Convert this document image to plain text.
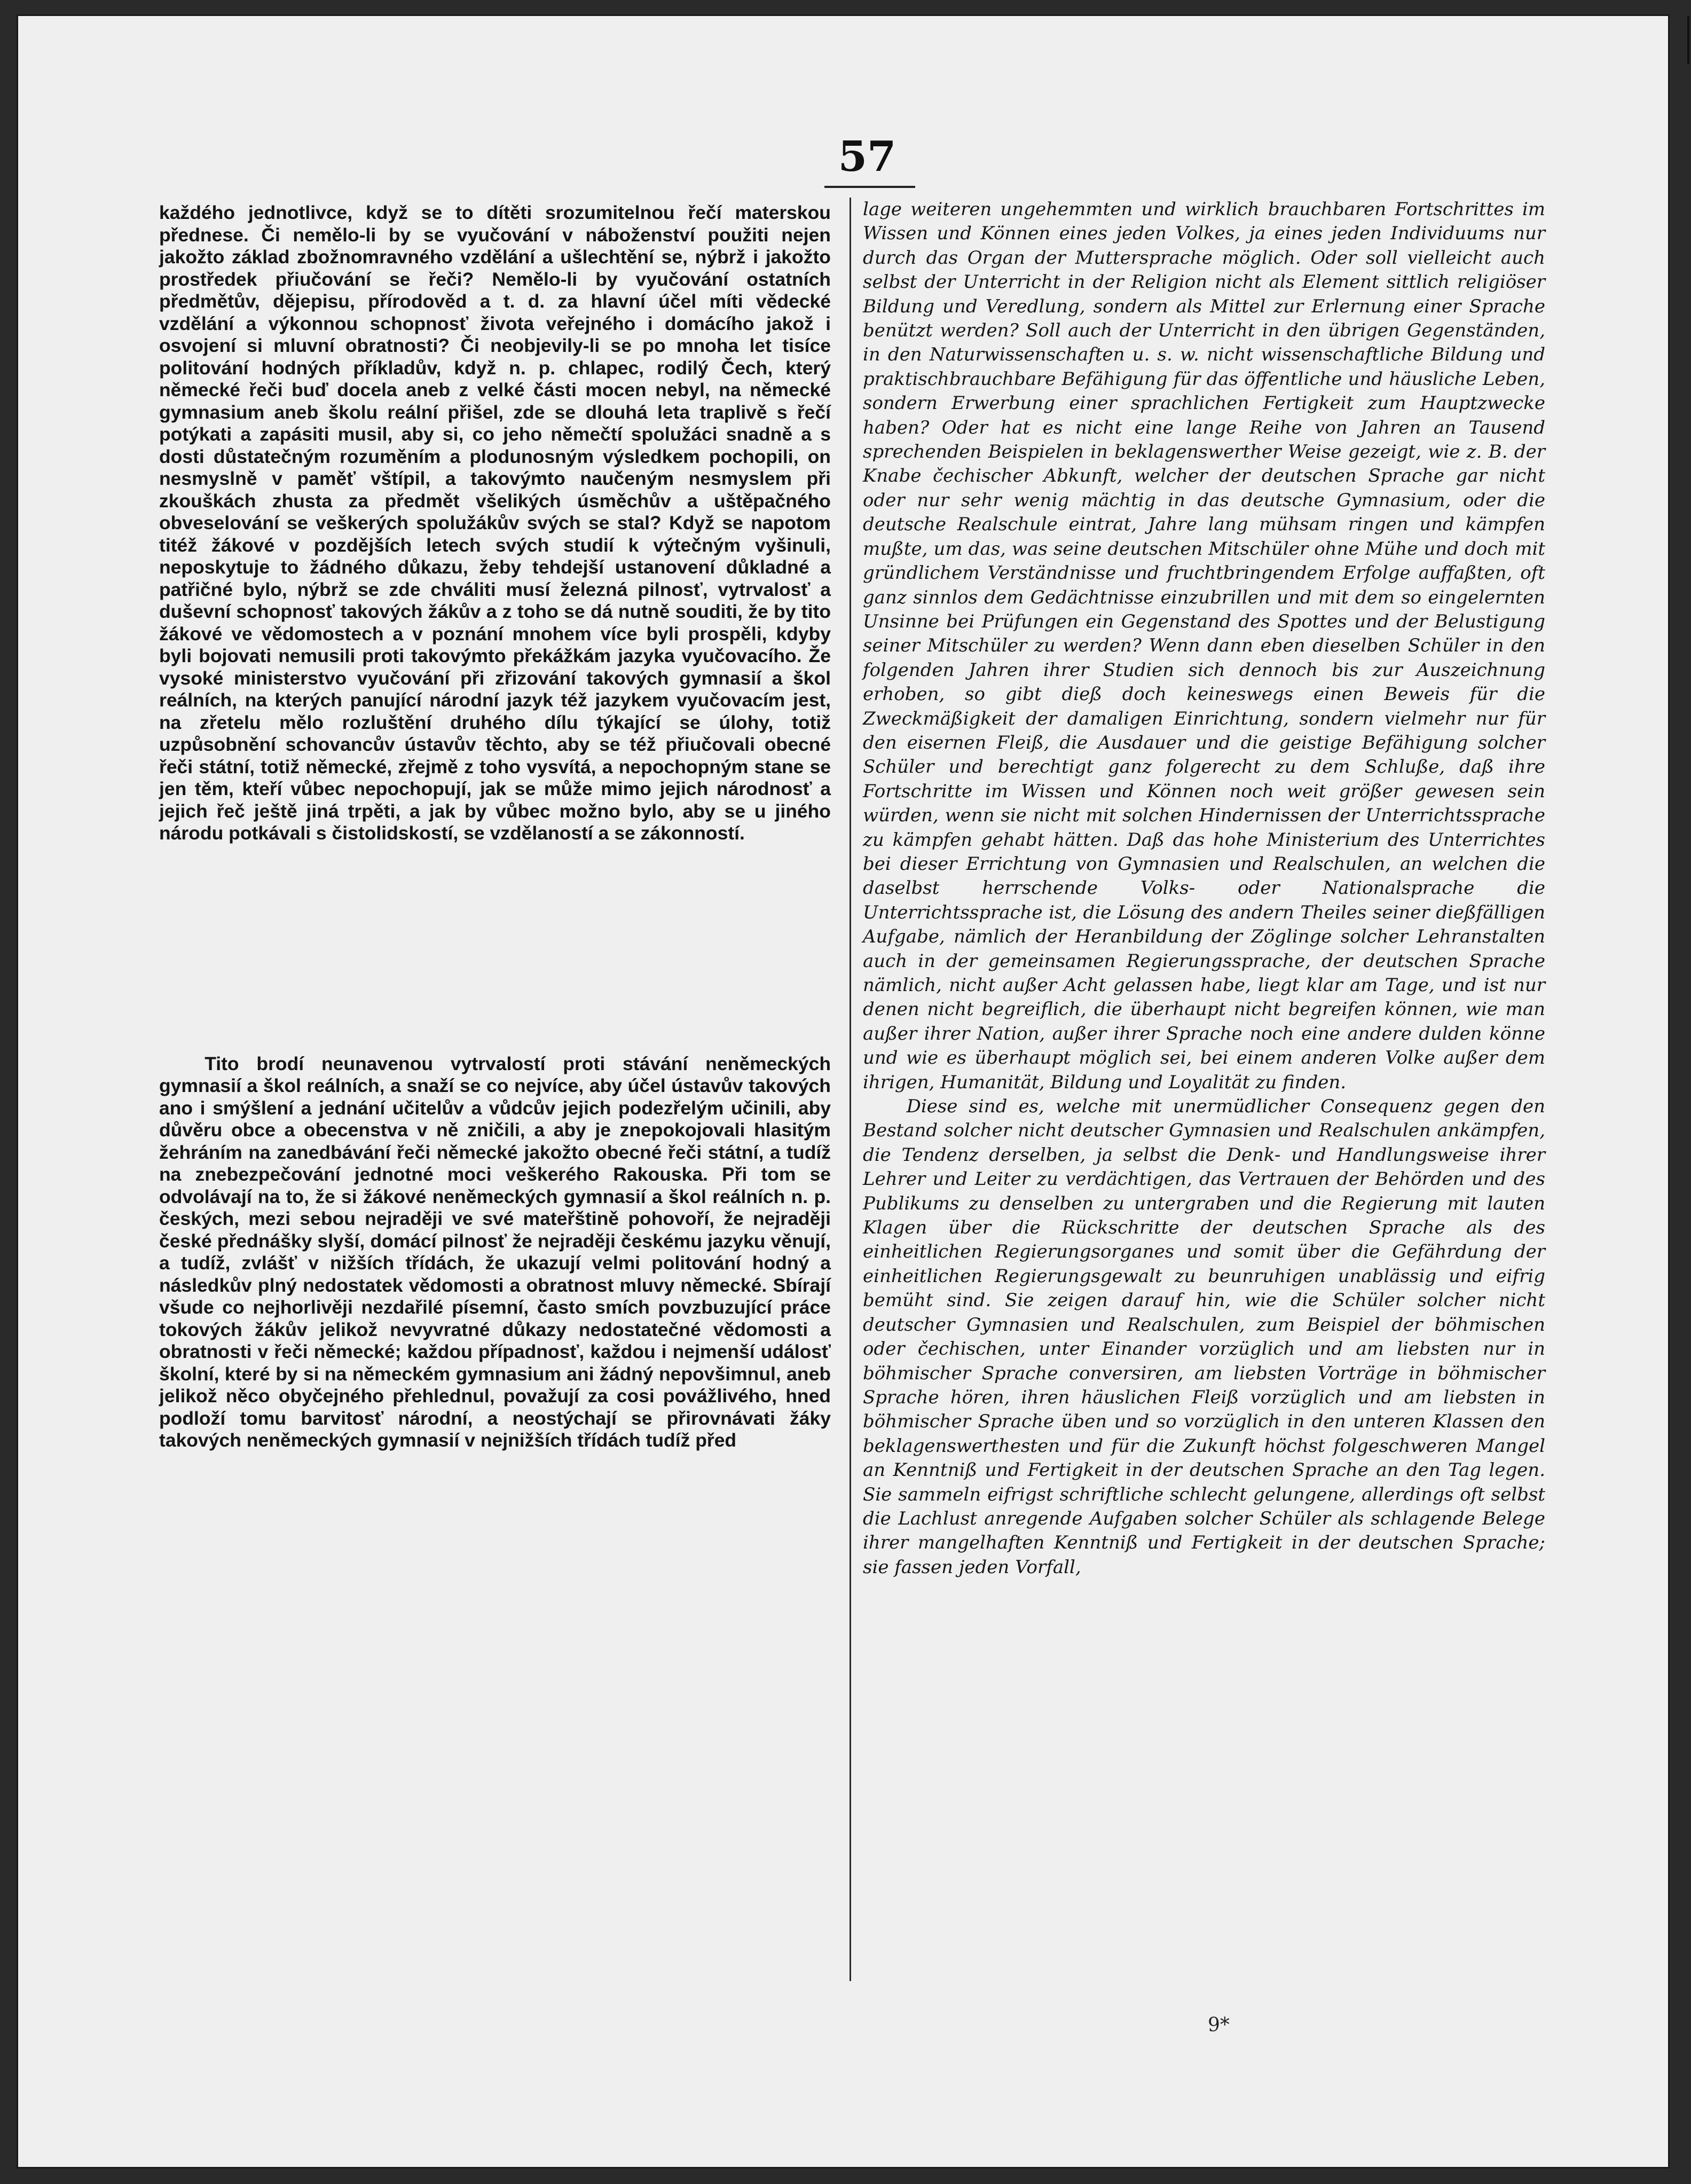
57

každého jednotlivce, když se to dítěti srozumitelnou řečí materskou přednese. Či nemělo-li by se vyučování v náboženství použiti nejen jakožto základ zbožnomravného vzdělání a ušlechtění se, nýbrž i jakožto prostředek přiučování se řeči? Nemělo-li by vyučování ostatních předmětův, dějepisu, přírodověd a t. d. za hlavní účel míti vědecké vzdělání a výkonnou schopnosť života veřejného i domácího jakož i osvojení si mluvní obratnosti? Či neobjevily-li se po mnoha let tisíce politování hodných příkladův, když n. p. chlapec, rodilý Čech, který německé řeči buď docela aneb z velké části mocen nebyl, na německé gymnasium aneb školu reální přišel, zde se dlouhá leta traplivě s řečí potýkati a zapásiti musil, aby si, co jeho němečtí spolužáci snadně a s dosti důstatečným rozuměním a plodunosným výsledkem pochopili, on nesmyslně v paměť vštípil, a takovýmto naučeným nesmyslem při zkouškách zhusta za předmět všelikých úsměchův a uštěpačného obveselování se veškerých spolužákův svých se stal? Když se napotom titéž žákové v pozdějších letech svých studií k výtečným vyšinuli, neposkytuje to žádného důkazu, žeby tehdejší ustanovení důkladné a patřičné bylo, nýbrž se zde chváliti musí železná pilnosť, vytrvalosť a duševní schopnosť takových žákův a z toho se dá nutně souditi, že by tito žákové ve vědomostech a v poznání mnohem více byli prospěli, kdyby byli bojovati nemusili proti takovýmto překážkám jazyka vyučovacího. Že vysoké ministerstvo vyučování při zřizování takových gymnasií a škol reálních, na kterých panující národní jazyk též jazykem vyučovacím jest, na zřetelu mělo rozluštění druhého dílu týkající se úlohy, totiž uzpůsobnění schovancův ústavův těchto, aby se též přiučovali obecné řeči státní, totiž německé, zřejmě z toho vysvítá, a nepochopným stane se jen těm, kteří vůbec nepochopují, jak se může mimo jejich národnosť a jejich řeč ještě jiná trpěti, a jak by vůbec možno bylo, aby se u jiného národu potkávali s čistolidskostí, se vzdělaností a se zákonností.

Tito brodí neunavenou vytrvalostí proti stávání neněmeckých gymnasií a škol reálních, a snaží se co nejvíce, aby účel ústavův takových ano i smýšlení a jednání učitelův a vůdcův jejich podezřelým učinili, aby důvěru obce a obecenstva v ně zničili, a aby je znepokojovali hlasitým žehráním na zanedbávání řeči německé jakožto obecné řeči státní, a tudíž na znebezpečování jednotné moci veškerého Rakouska. Při tom se odvolávají na to, že si žákové neněmeckých gymnasií a škol reálních n. p. českých, mezi sebou nejraději ve své mateřštině pohovoří, že nejraději české přednášky slyší, domácí pilnosť že nejraději českému jazyku věnují, a tudíž, zvlášť v nižších třídách, že ukazují velmi politování hodný a následkův plný nedostatek vědomosti a obratnost mluvy německé. Sbírají všude co nejhorlivěji nezdařilé písemní, často smích povzbuzující práce tokových žákův jelikož nevyvratné důkazy nedostatečné vědomosti a obratnosti v řeči německé; každou případnosť, každou i nejmenší událosť školní, které by si na německém gymnasium ani žádný nepovšimnul, aneb jelikož něco obyčejného přehlednul, považují za cosi povážlivého, hned podloží tomu barvitosť národní, a neostýchají se přirovnávati žáky takových neněmeckých gymnasií v nejnižších třídách tudíž před

lage weiteren ungehemmten und wirklich brauchbaren Fortschrittes im Wissen und Können eines jeden Volkes, ja eines jeden Individuums nur durch das Organ der Muttersprache möglich. Oder soll vielleicht auch selbst der Unterricht in der Religion nicht als Element sittlich religiöser Bildung und Veredlung, sondern als Mittel zur Erlernung einer Sprache benützt werden? Soll auch der Unterricht in den übrigen Gegenständen, in den Naturwissenschaften u. s. w. nicht wissenschaftliche Bildung und praktischbrauchbare Befähigung für das öffentliche und häusliche Leben, sondern Erwerbung einer sprachlichen Fertigkeit zum Hauptzwecke haben? Oder hat es nicht eine lange Reihe von Jahren an Tausend sprechenden Beispielen in beklagenswerther Weise gezeigt, wie z. B. der Knabe čechischer Abkunft, welcher der deutschen Sprache gar nicht oder nur sehr wenig mächtig in das deutsche Gymnasium, oder die deutsche Realschule eintrat, Jahre lang mühsam ringen und kämpfen mußte, um das, was seine deutschen Mitschüler ohne Mühe und doch mit gründlichem Verständnisse und fruchtbringendem Erfolge auffaßten, oft ganz sinnlos dem Gedächtnisse einzubrillen und mit dem so eingelernten Unsinne bei Prüfungen ein Gegenstand des Spottes und der Belustigung seiner Mitschüler zu werden? Wenn dann eben dieselben Schüler in den folgenden Jahren ihrer Studien sich dennoch bis zur Auszeichnung erhoben, so gibt dieß doch keineswegs einen Beweis für die Zweckmäßigkeit der damaligen Einrichtung, sondern vielmehr nur für den eisernen Fleiß, die Ausdauer und die geistige Befähigung solcher Schüler und berechtigt ganz folgerecht zu dem Schluße, daß ihre Fortschritte im Wissen und Können noch weit größer gewesen sein würden, wenn sie nicht mit solchen Hindernissen der Unterrichtssprache zu kämpfen gehabt hätten. Daß das hohe Ministerium des Unterrichtes bei dieser Errichtung von Gymnasien und Realschulen, an welchen die daselbst herrschende Volks- oder Nationalsprache die Unterrichtssprache ist, die Lösung des andern Theiles seiner dießfälligen Aufgabe, nämlich der Heranbildung der Zöglinge solcher Lehranstalten auch in der gemeinsamen Regierungssprache, der deutschen Sprache nämlich, nicht außer Acht gelassen habe, liegt klar am Tage, und ist nur denen nicht begreiflich, die überhaupt nicht begreifen können, wie man außer ihrer Nation, außer ihrer Sprache noch eine andere dulden könne und wie es überhaupt möglich sei, bei einem anderen Volke außer dem ihrigen, Humanität, Bildung und Loyalität zu finden.

Diese sind es, welche mit unermüdlicher Consequenz gegen den Bestand solcher nicht deutscher Gymnasien und Realschulen ankämpfen, die Tendenz derselben, ja selbst die Denk- und Handlungsweise ihrer Lehrer und Leiter zu verdächtigen, das Vertrauen der Behörden und des Publikums zu denselben zu untergraben und die Regierung mit lauten Klagen über die Rückschritte der deutschen Sprache als des einheitlichen Regierungsorganes und somit über die Gefährdung der einheitlichen Regierungsgewalt zu beunruhigen unablässig und eifrig bemüht sind. Sie zeigen darauf hin, wie die Schüler solcher nicht deutscher Gymnasien und Realschulen, zum Beispiel der böhmischen oder čechischen, unter Einander vorzüglich und am liebsten nur in böhmischer Sprache conversiren, am liebsten Vorträge in böhmischer Sprache hören, ihren häuslichen Fleiß vorzüglich und am liebsten in böhmischer Sprache üben und so vorzüglich in den unteren Klassen den beklagenswerthesten und für die Zukunft höchst folgeschweren Mangel an Kenntniß und Fertigkeit in der deutschen Sprache an den Tag legen. Sie sammeln eifrigst schriftliche schlecht gelungene, allerdings oft selbst die Lachlust anregende Aufgaben solcher Schüler als schlagende Belege ihrer mangelhaften Kenntniß und Fertigkeit in der deutschen Sprache; sie fassen jeden Vorfall,

9*
